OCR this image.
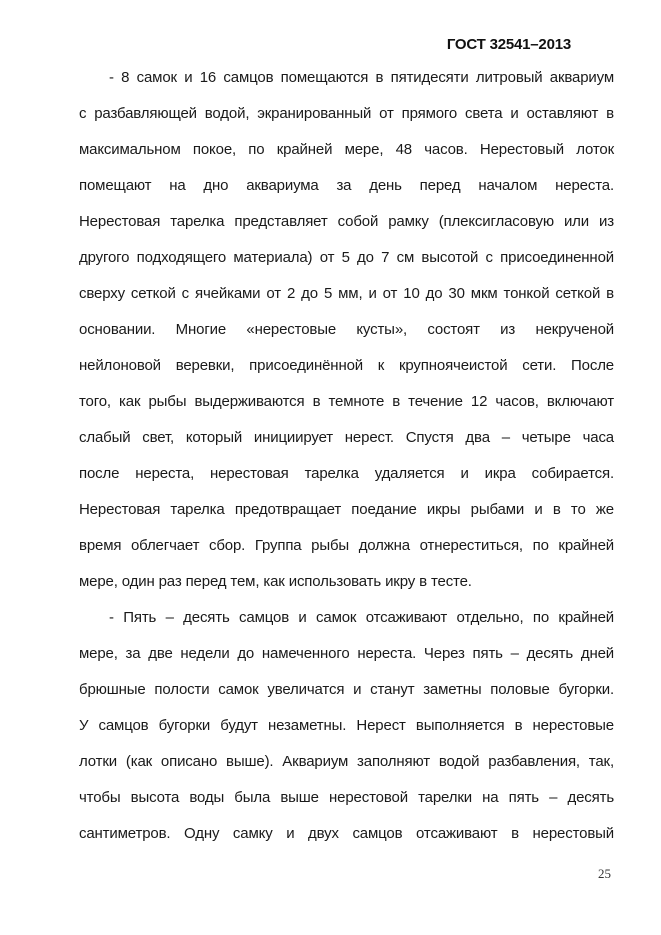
ГОСТ 32541–2013
- 8 самок и 16 самцов помещаются в пятидесяти литровый аквариум
с разбавляющей водой, экранированный от прямого света и оставляют в
максимальном покое, по крайней мере, 48 часов. Нерестовый лоток
помещают на дно аквариума за день перед началом нереста.
Нерестовая тарелка представляет собой рамку (плексигласовую или из
другого подходящего материала) от 5 до 7 см высотой с присоединенной
сверху сеткой с ячейками от 2 до 5 мм, и от 10 до 30 мкм тонкой сеткой в
основании. Многие «нерестовые кусты», состоят из некрученой
нейлоновой веревки, присоединённой к крупноячеистой сети. После
того, как рыбы выдерживаются в темноте в течение 12 часов, включают
слабый свет, который инициирует нерест. Спустя два – четыре часа
после нереста, нерестовая тарелка удаляется и икра собирается.
Нерестовая тарелка предотвращает поедание икры рыбами и в то же
время облегчает сбор. Группа рыбы должна отнереститься, по крайней
мере, один раз перед тем, как использовать икру в тесте.
- Пять – десять самцов и самок отсаживают отдельно, по крайней
мере, за две недели до намеченного нереста. Через пять – десять дней
брюшные полости самок увеличатся и станут заметны половые бугорки.
У самцов бугорки будут незаметны. Нерест выполняется в нерестовые
лотки (как описано выше). Аквариум заполняют водой разбавления, так,
чтобы высота воды была выше нерестовой тарелки на пять – десять
сантиметров. Одну самку и двух самцов отсаживают в нерестовый
25
